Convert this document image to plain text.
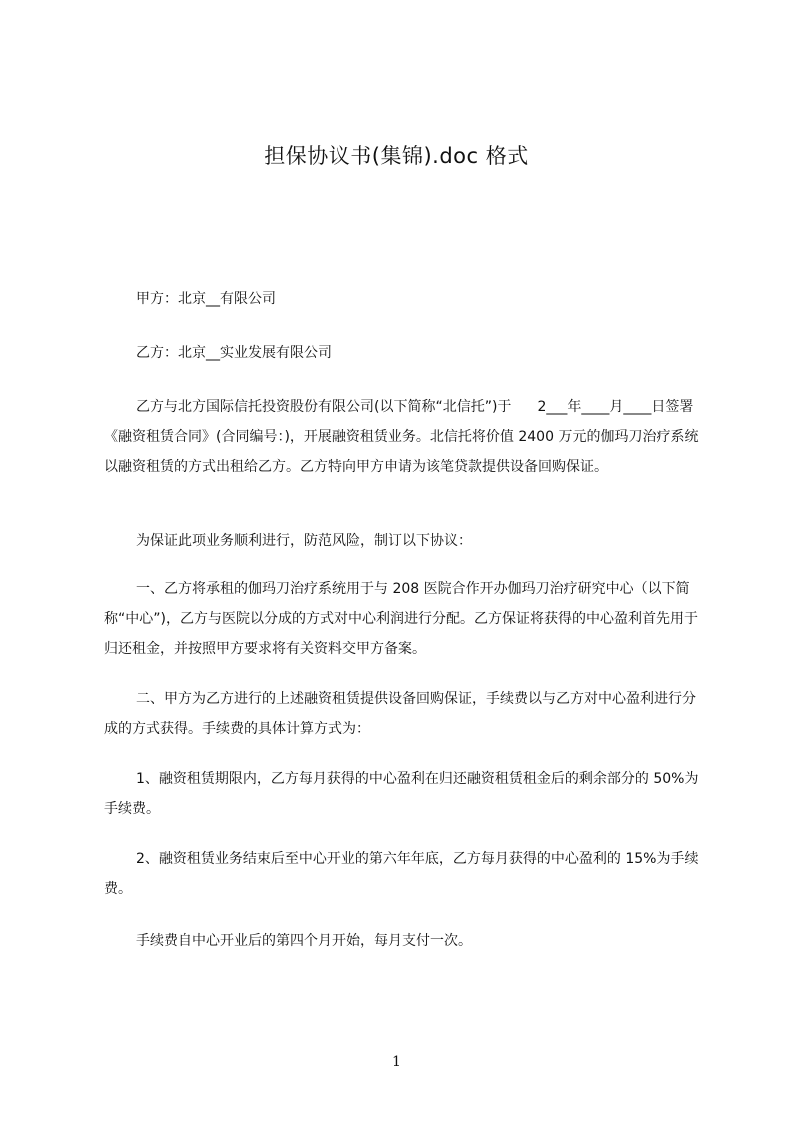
担保协议书(集锦).doc 格式

甲方：北京__有限公司

乙方：北京__实业发展有限公司

乙方与北方国际信托投资股份有限公司(以下简称“北信托”)于 2___年____月____日签署《融资租赁合同》(合同编号：)，开展融资租赁业务。北信托将价值 2400 万元的伽玛刀治疗系统以融资租赁的方式出租给乙方。乙方特向甲方申请为该笔贷款提供设备回购保证。

为保证此项业务顺利进行，防范风险，制订以下协议：

一、乙方将承租的伽玛刀治疗系统用于与 208 医院合作开办伽玛刀治疗研究中心（以下简称“中心”)，乙方与医院以分成的方式对中心利润进行分配。乙方保证将获得的中心盈利首先用于归还租金，并按照甲方要求将有关资料交甲方备案。

二、甲方为乙方进行的上述融资租赁提供设备回购保证，手续费以与乙方对中心盈利进行分成的方式获得。手续费的具体计算方式为：

1、融资租赁期限内，乙方每月获得的中心盈利在归还融资租赁租金后的剩余部分的 50%为手续费。

2、融资租赁业务结束后至中心开业的第六年年底，乙方每月获得的中心盈利的 15%为手续费。

手续费自中心开业后的第四个月开始，每月支付一次。

1
